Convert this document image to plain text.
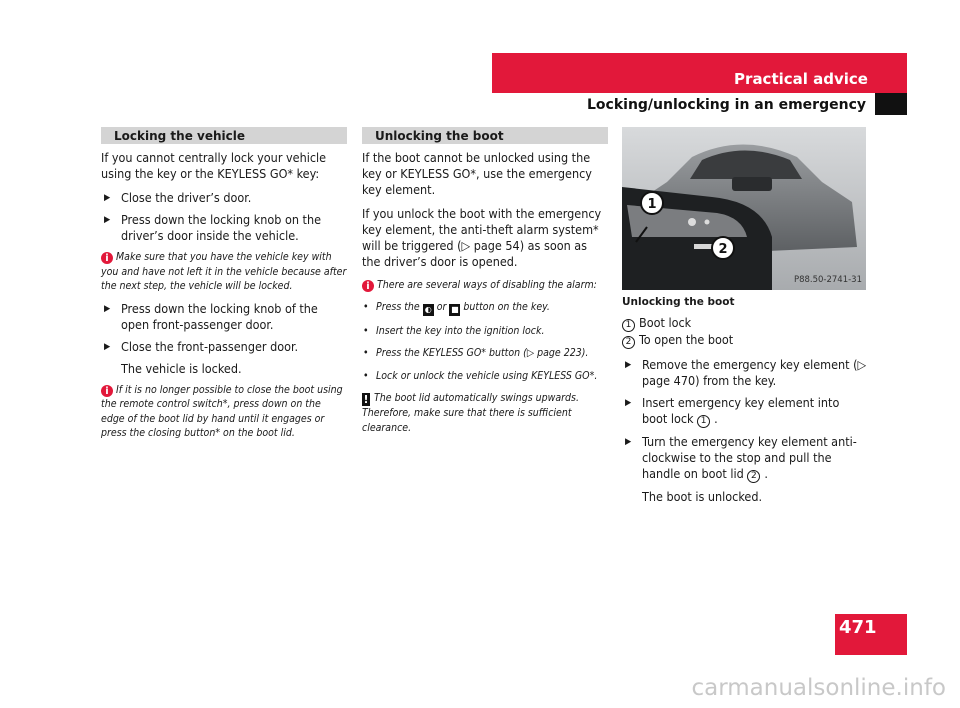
Practical advice
Locking/unlocking in an emergency
Locking the vehicle

If you cannot centrally lock your vehicle using the key or the KEYLESS GO* key:

▶ Close the driver’s door.
▶ Press down the locking knob on the driver’s door inside the vehicle.

i Make sure that you have the vehicle key with you and have not left it in the vehicle because after the next step, the vehicle will be locked.

▶ Press down the locking knob of the open front-passenger door.
▶ Close the front-passenger door.
The vehicle is locked.

i If it is no longer possible to close the boot using the remote control switch*, press down on the edge of the boot lid by hand until it engages or press the closing button* on the boot lid.

Unlocking the boot

If the boot cannot be unlocked using the key or KEYLESS GO*, use the emergency key element.

If you unlock the boot with the emergency key element, the anti-theft alarm system* will be triggered (▷ page 54) as soon as the driver’s door is opened.

i There are several ways of disabling the alarm:

• Press the ◐ or ■ button on the key.
• Insert the key into the ignition lock.
• Press the KEYLESS GO* button (▷ page 223).
• Lock or unlock the vehicle using KEYLESS GO*.

! The boot lid automatically swings upwards. Therefore, make sure that there is sufficient clearance.

1
2
P88.50-2741-31
Unlocking the boot
1 Boot lock
2 To open the boot
▶ Remove the emergency key element (▷ page 470) from the key.
▶ Insert emergency key element into boot lock 1 .
▶ Turn the emergency key element anti-clockwise to the stop and pull the handle on boot lid 2 .
The boot is unlocked.
471
carmanualsonline.info
